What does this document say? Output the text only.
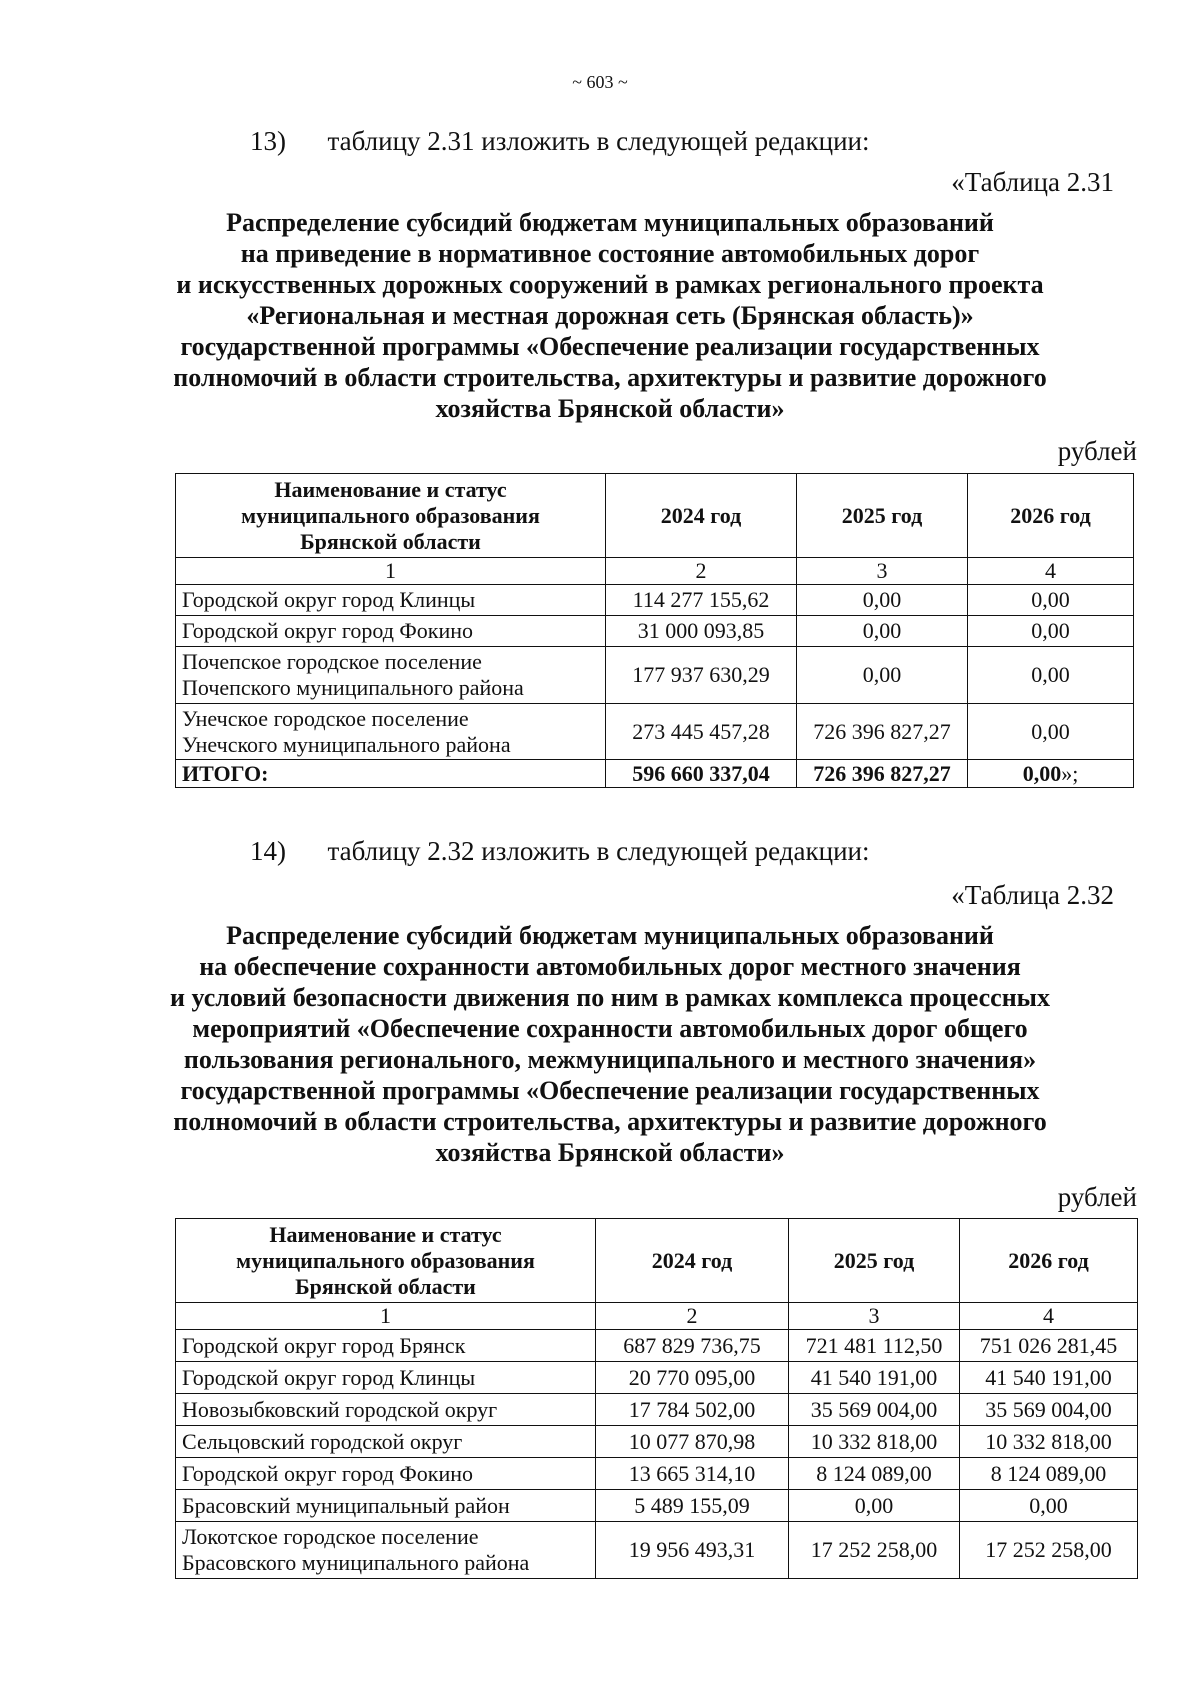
~ 603 ~
13) таблицу 2.31 изложить в следующей редакции:
«Таблица 2.31
Распределение субсидий бюджетам муниципальных образований
на приведение в нормативное состояние автомобильных дорог
и искусственных дорожных сооружений в рамках регионального проекта
«Региональная и местная дорожная сеть (Брянская область)»
государственной программы «Обеспечение реализации государственных
полномочий в области строительства, архитектуры и развитие дорожного
хозяйства Брянской области»
рублей
Наименование и статус
муниципального образования
Брянской области	2024 год	2025 год	2026 год
1	2	3	4
Городской округ город Клинцы	114 277 155,62	0,00	0,00
Городской округ город Фокино	31 000 093,85	0,00	0,00

Почепское городское поселение
Почепского муниципального района	177 937 630,29	0,00	0,00

Унечское городское поселение
Унечского муниципального района	273 445 457,28	726 396 827,27	0,00
ИТОГО:	596 660 337,04	726 396 827,27	0,00»;
14) таблицу 2.32 изложить в следующей редакции:
«Таблица 2.32
Распределение субсидий бюджетам муниципальных образований
на обеспечение сохранности автомобильных дорог местного значения
и условий безопасности движения по ним в рамках комплекса процессных
мероприятий «Обеспечение сохранности автомобильных дорог общего
пользования регионального, межмуниципального и местного значения»
государственной программы «Обеспечение реализации государственных
полномочий в области строительства, архитектуры и развитие дорожного
хозяйства Брянской области»
рублей
Наименование и статус
муниципального образования
Брянской области	2024 год	2025 год	2026 год
1	2	3	4
Городской округ город Брянск	687 829 736,75	721 481 112,50	751 026 281,45
Городской округ город Клинцы	20 770 095,00	41 540 191,00	41 540 191,00
Новозыбковский городской округ	17 784 502,00	35 569 004,00	35 569 004,00
Сельцовский городской округ	10 077 870,98	10 332 818,00	10 332 818,00
Городской округ город Фокино	13 665 314,10	8 124 089,00	8 124 089,00
Брасовский муниципальный район	5 489 155,09	0,00	0,00

Локотское городское поселение
Брасовского муниципального района	19 956 493,31	17 252 258,00	17 252 258,00
